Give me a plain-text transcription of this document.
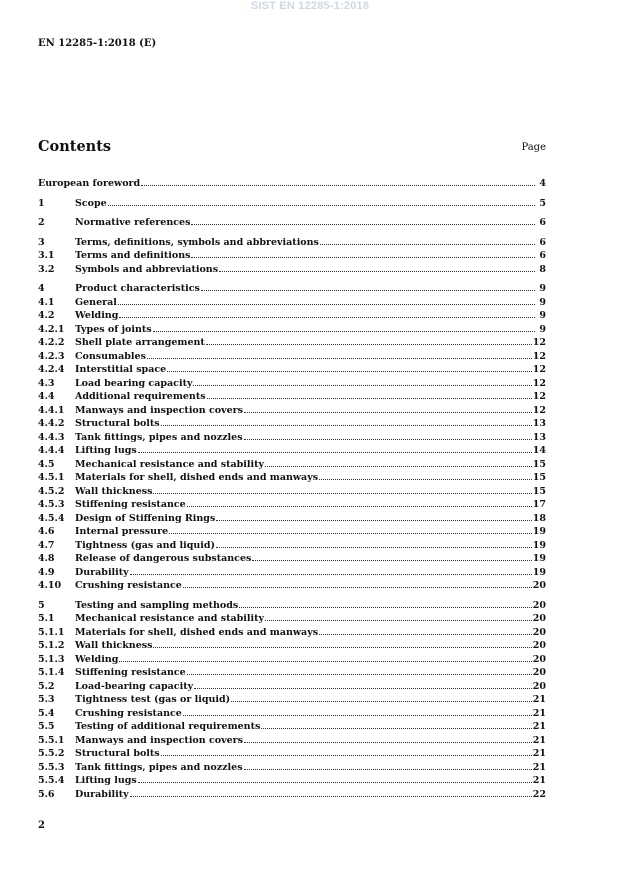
SIST EN 12285-1:2018
EN 12285-1:2018 (E)
Contents	Page
European foreword	4
1	Scope	5
2	Normative references	6
3	Terms, definitions, symbols and abbreviations	6
3.1	Terms and definitions	6
3.2	Symbols and abbreviations	8
4	Product characteristics	9
4.1	General	9
4.2	Welding	9
4.2.1	Types of joints	9
4.2.2	Shell plate arrangement	12
4.2.3	Consumables	12
4.2.4	Interstitial space	12
4.3	Load bearing capacity	12
4.4	Additional requirements	12
4.4.1	Manways and inspection covers	12
4.4.2	Structural bolts	13
4.4.3	Tank fittings, pipes and nozzles	13
4.4.4	Lifting lugs	14
4.5	Mechanical resistance and stability	15
4.5.1	Materials for shell, dished ends and manways	15
4.5.2	Wall thickness	15
4.5.3	Stiffening resistance	17
4.5.4	Design of Stiffening Rings	18
4.6	Internal pressure	19
4.7	Tightness (gas and liquid)	19
4.8	Release of dangerous substances	19
4.9	Durability	19
4.10	Crushing resistance	20
5	Testing and sampling methods	20
5.1	Mechanical resistance and stability	20
5.1.1	Materials for shell, dished ends and manways	20
5.1.2	Wall thickness	20
5.1.3	Welding	20
5.1.4	Stiffening resistance	20
5.2	Load-bearing capacity	20
5.3	Tightness test (gas or liquid)	21
5.4	Crushing resistance	21
5.5	Testing of additional requirements	21
5.5.1	Manways and inspection covers	21
5.5.2	Structural bolts	21
5.5.3	Tank fittings, pipes and nozzles	21
5.5.4	Lifting lugs	21
5.6	Durability	22
2
